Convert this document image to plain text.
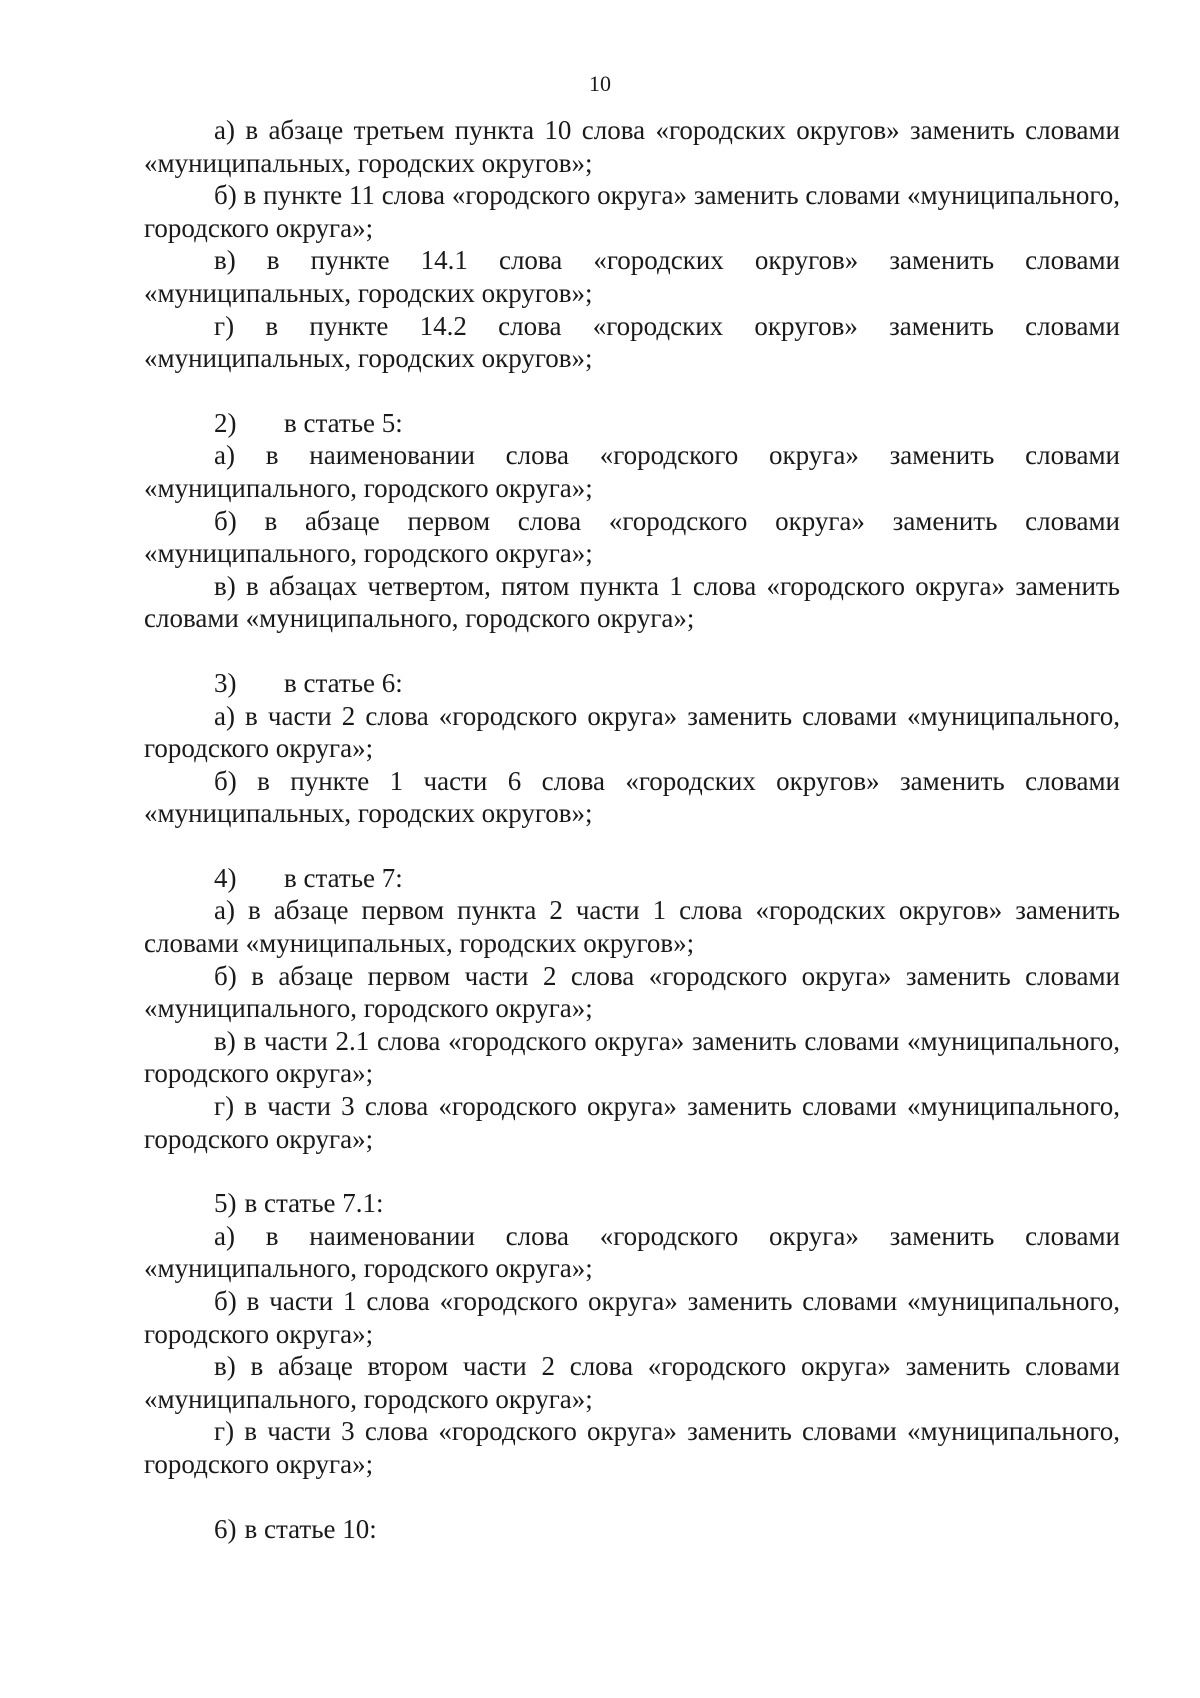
10

а) в абзаце третьем пункта 10 слова «городских округов» заменить словами «муниципальных, городских округов»;

б) в пункте 11 слова «городского округа» заменить словами «муниципального, городского округа»;

в) в пункте 14.1 слова «городских округов» заменить словами «муниципальных, городских округов»;

г) в пункте 14.2 слова «городских округов» заменить словами «муниципальных, городских округов»;

2) в статье 5:

а) в наименовании слова «городского округа» заменить словами «муниципального, городского округа»;

б) в абзаце первом слова «городского округа» заменить словами «муниципального, городского округа»;

в) в абзацах четвертом, пятом пункта 1 слова «городского округа» заменить словами «муниципального, городского округа»;

3) в статье 6:

а) в части 2 слова «городского округа» заменить словами «муниципального, городского округа»;

б) в пункте 1 части 6 слова «городских округов» заменить словами «муниципальных, городских округов»;

4) в статье 7:

а) в абзаце первом пункта 2 части 1 слова «городских округов» заменить словами «муниципальных, городских округов»;

б) в абзаце первом части 2 слова «городского округа» заменить словами «муниципального, городского округа»;

в) в части 2.1 слова «городского округа» заменить словами «муниципального, городского округа»;

г) в части 3 слова «городского округа» заменить словами «муниципального, городского округа»;

5) в статье 7.1:

а) в наименовании слова «городского округа» заменить словами «муниципального, городского округа»;

б) в части 1 слова «городского округа» заменить словами «муниципального, городского округа»;

в) в абзаце втором части 2 слова «городского округа» заменить словами «муниципального, городского округа»;

г) в части 3 слова «городского округа» заменить словами «муниципального, городского округа»;

6) в статье 10:
